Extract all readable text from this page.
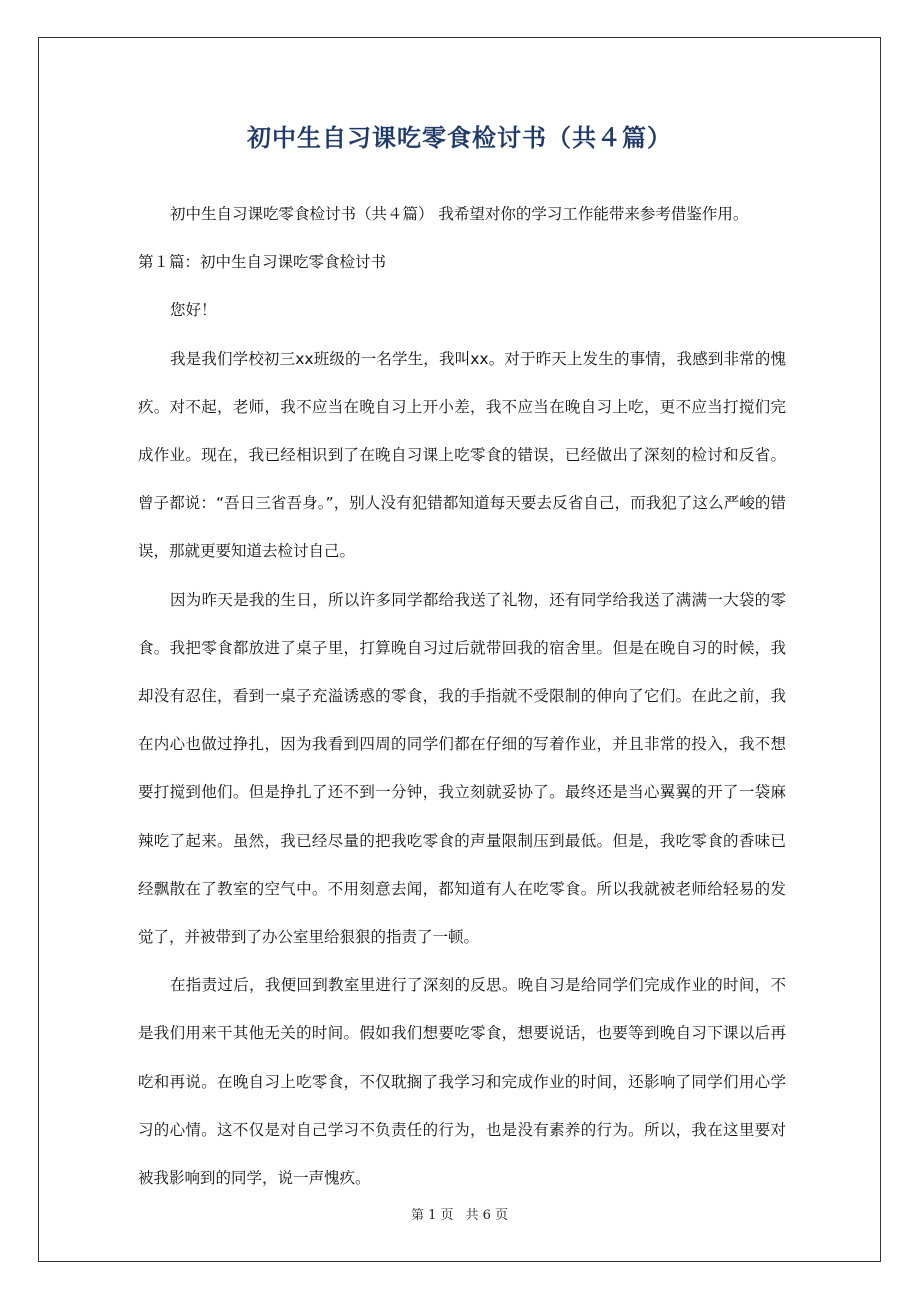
初中生自习课吃零食检讨书（共４篇）

初中生自习课吃零食检讨书（共４篇） 我希望对你的学习工作能带来参考借鉴作用。

第１篇：初中生自习课吃零食检讨书

您好！

我是我们学校初三xx班级的一名学生，我叫xx。对于昨天上发生的事情，我感到非常的愧疚。对不起，老师，我不应当在晚自习上开小差，我不应当在晚自习上吃，更不应当打搅们完成作业。现在，我已经相识到了在晚自习课上吃零食的错误，已经做出了深刻的检讨和反省。曾子都说：“吾日三省吾身。”，别人没有犯错都知道每天要去反省自己，而我犯了这么严峻的错误，那就更要知道去检讨自己。

因为昨天是我的生日，所以许多同学都给我送了礼物，还有同学给我送了满满一大袋的零食。我把零食都放进了桌子里，打算晚自习过后就带回我的宿舍里。但是在晚自习的时候，我却没有忍住，看到一桌子充溢诱惑的零食，我的手指就不受限制的伸向了它们。在此之前，我在内心也做过挣扎，因为我看到四周的同学们都在仔细的写着作业，并且非常的投入，我不想要打搅到他们。但是挣扎了还不到一分钟，我立刻就妥协了。最终还是当心翼翼的开了一袋麻辣吃了起来。虽然，我已经尽量的把我吃零食的声量限制压到最低。但是，我吃零食的香味已经飘散在了教室的空气中。不用刻意去闻，都知道有人在吃零食。所以我就被老师给轻易的发觉了，并被带到了办公室里给狠狠的指责了一顿。

在指责过后，我便回到教室里进行了深刻的反思。晚自习是给同学们完成作业的时间，不是我们用来干其他无关的时间。假如我们想要吃零食，想要说话，也要等到晚自习下课以后再吃和再说。在晚自习上吃零食，不仅耽搁了我学习和完成作业的时间，还影响了同学们用心学习的心情。这不仅是对自己学习不负责任的行为，也是没有素养的行为。所以，我在这里要对被我影响到的同学，说一声愧疚。

第 1 页 共 6 页
